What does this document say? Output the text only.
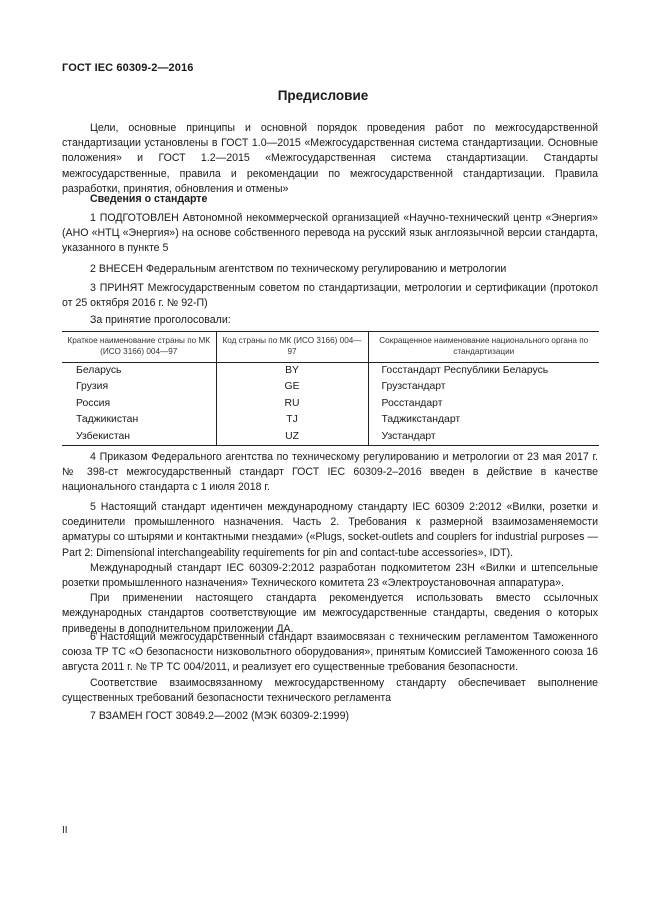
ГОСТ IEC 60309-2—2016
Предисловие

Цели, основные принципы и основной порядок проведения работ по межгосударственной стандартизации установлены в ГОСТ 1.0—2015 «Межгосударственная система стандартизации. Основные положения» и ГОСТ 1.2—2015 «Межгосударственная система стандартизации. Стандарты межгосударственные, правила и рекомендации по межгосударственной стандартизации. Правила разработки, принятия, обновления и отмены»

Сведения о стандарте

1 ПОДГОТОВЛЕН Автономной некоммерческой организацией «Научно-технический центр «Энергия» (АНО «НТЦ «Энергия») на основе собственного перевода на русский язык англоязычной версии стандарта, указанного в пункте 5

2 ВНЕСЕН Федеральным агентством по техническому регулированию и метрологии

3 ПРИНЯТ Межгосударственным советом по стандартизации, метрологии и сертификации (протокол от 25 октября 2016 г. № 92-П)

За принятие проголосовали:

Краткое наименование страны по МК (ИСО 3166) 004—97	Код страны по МК (ИСО 3166) 004—97	Сокращенное наименование национального органа по стандартизации
Беларусь	BY	Госстандарт Республики Беларусь
Грузия	GE	Грузстандарт
Россия	RU	Росстандарт
Таджикистан	TJ	Таджикстандарт
Узбекистан	UZ	Узстандарт

4 Приказом Федерального агентства по техническому регулированию и метрологии от 23 мая 2017 г. № 398-ст межгосударственный стандарт ГОСТ IEC 60309-2–2016 введен в действие в качестве национального стандарта с 1 июля 2018 г.

5 Настоящий стандарт идентичен международному стандарту IEC 60309 2:2012 «Вилки, розетки и соединители промышленного назначения. Часть 2. Требования к размерной взаимозаменяемости арматуры со штырями и контактными гнездами» («Plugs, socket-outlets and couplers for industrial purposes — Part 2: Dimensional interchangeability requirements for pin and contact-tube accessories», IDT).

Международный стандарт IEC 60309-2:2012 разработан подкомитетом 23H «Вилки и штепсельные розетки промышленного назначения» Технического комитета 23 «Электроустановочная аппаратура».

При применении настоящего стандарта рекомендуется использовать вместо ссылочных международных стандартов соответствующие им межгосударственные стандарты, сведения о которых приведены в дополнительном приложении ДА.

6 Настоящий межгосударственный стандарт взаимосвязан с техническим регламентом Таможенного союза ТР ТС «О безопасности низковольтного оборудования», принятым Комиссией Таможенного союза 16 августа 2011 г. № ТР ТС 004/2011, и реализует его существенные требования безопасности.

Соответствие взаимосвязанному межгосударственному стандарту обеспечивает выполнение существенных требований безопасности технического регламента

7 ВЗАМЕН ГОСТ 30849.2—2002 (МЭК 60309-2:1999)

II
